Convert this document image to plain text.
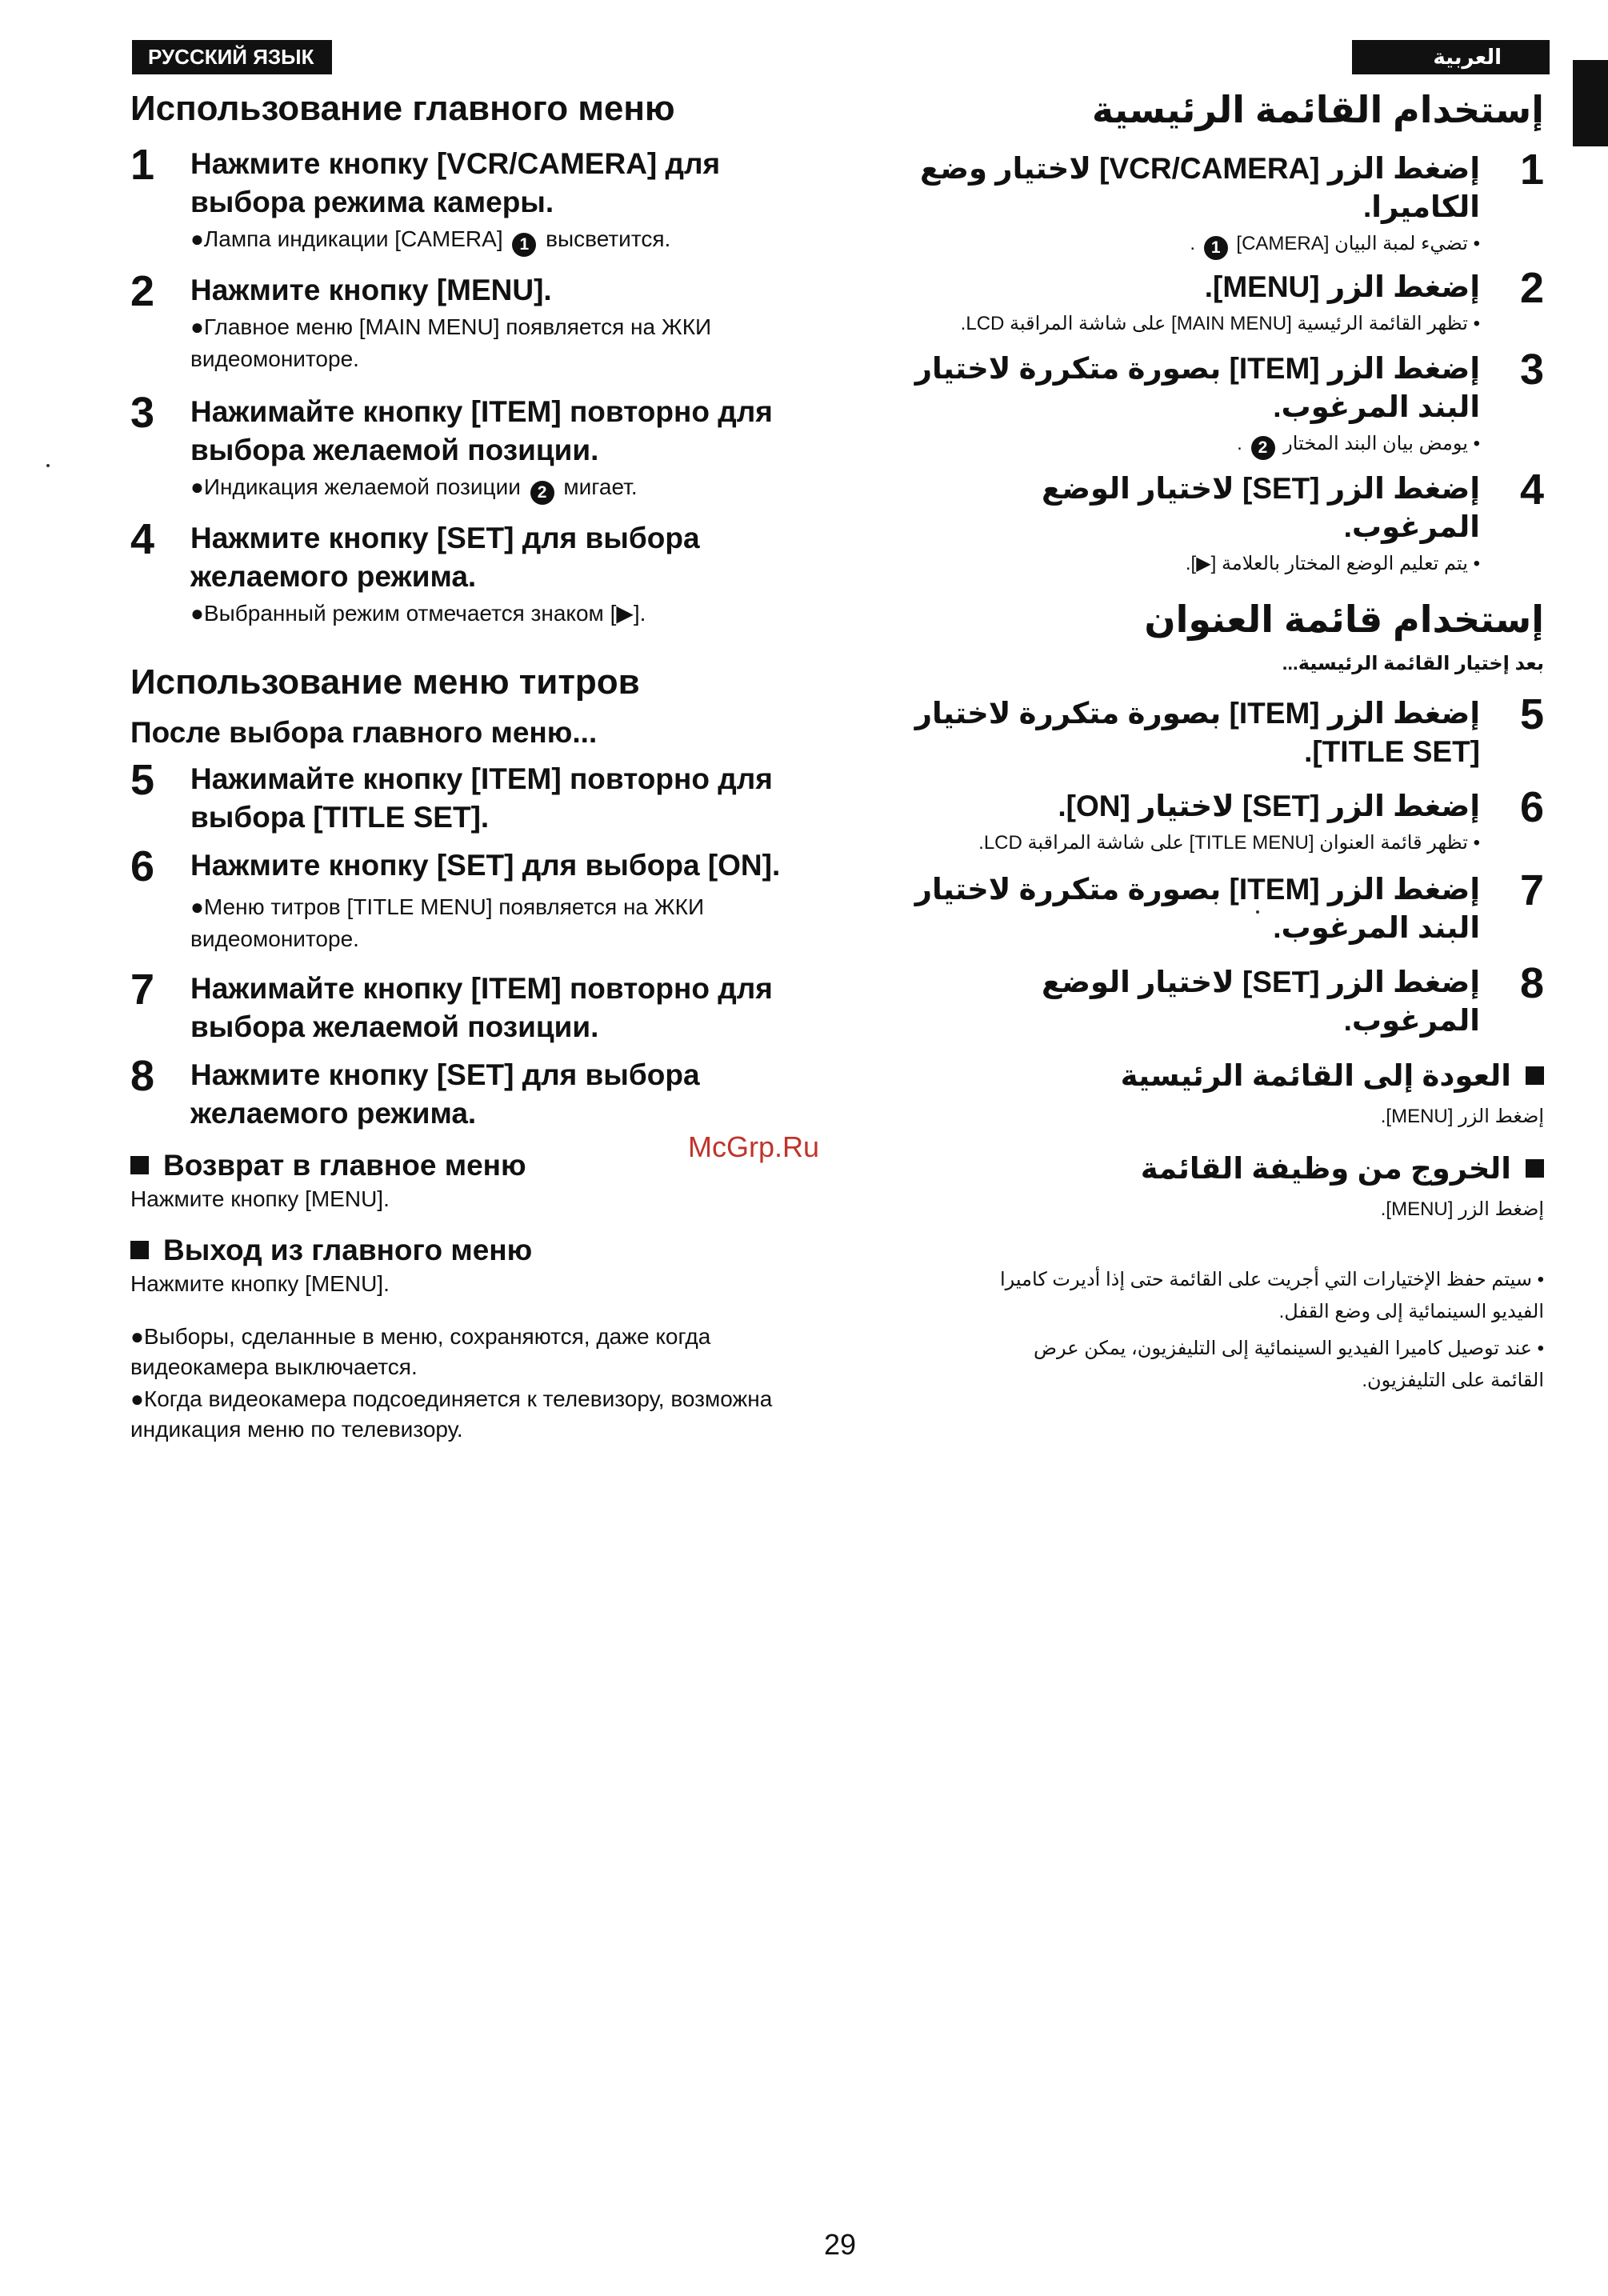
РУССКИЙ ЯЗЫК	العربية
Использование главного меню
1 Нажмите кнопку [VCR/CAMERA] для выбора режима камеры.
●Лампа индикации [CAMERA] 1 высветится.
2 Нажмите кнопку [MENU].
●Главное меню [MAIN MENU] появляется на ЖКИ видеомониторе.
3 Нажимайте кнопку [ITEM] повторно для выбора желаемой позиции.
●Индикация желаемой позиции 2 мигает.
4 Нажмите кнопку [SET] для выбора желаемого режима.
●Выбранный режим отмечается знаком [▶].
Использование меню титров
После выбора главного меню...
5 Нажимайте кнопку [ITEM] повторно для выбора [TITLE SET].
6 Нажмите кнопку [SET] для выбора [ON].
●Меню титров [TITLE MENU] появляется на ЖКИ видеомониторе.
7 Нажимайте кнопку [ITEM] повторно для выбора желаемой позиции.
8 Нажмите кнопку [SET] для выбора желаемого режима.
Возврат в главное меню
Нажмите кнопку [MENU].
Выход из главного меню
Нажмите кнопку [MENU].
●Выборы, сделанные в меню, сохраняются, даже когда видеокамера выключается.
●Когда видеокамера подсоединяется к телевизору, возможна индикация меню по телевизору.
إستخدام القائمة الرئيسية
1
إضغط الزر [VCR/CAMERA] لاختيار وضع الكاميرا.
• تضيء لمبة البيان [CAMERA] 1 .
2
إضغط الزر [MENU].
• تظهر القائمة الرئيسية [MAIN MENU] على شاشة المراقبة LCD.
3
إضغط الزر [ITEM] بصورة متكررة لاختيار البند المرغوب.
• يومض بيان البند المختار 2 .
4
إضغط الزر [SET] لاختيار الوضع المرغوب.
• يتم تعليم الوضع المختار بالعلامة [▶].
إستخدام قائمة العنوان
بعد إختيار القائمة الرئيسية...
5
إضغط الزر [ITEM] بصورة متكررة لاختيار [TITLE SET].
6
إضغط الزر [SET] لاختيار [ON].
• تظهر قائمة العنوان [TITLE MENU] على شاشة المراقبة LCD.
7
إضغط الزر [ITEM] بصورة متكررة لاختيار البند المرغوب.
8
إضغط الزر [SET] لاختيار الوضع المرغوب.
العودة إلى القائمة الرئيسية
إضغط الزر [MENU].
الخروج من وظيفة القائمة
إضغط الزر [MENU].
• سيتم حفظ الإختيارات التي أجريت على القائمة حتى إذا أديرت كاميرا الفيديو السينمائية إلى وضع القفل.
• عند توصيل كاميرا الفيديو السينمائية إلى التليفزيون، يمكن عرض القائمة على التليفزيون.
McGrp.Ru
29
